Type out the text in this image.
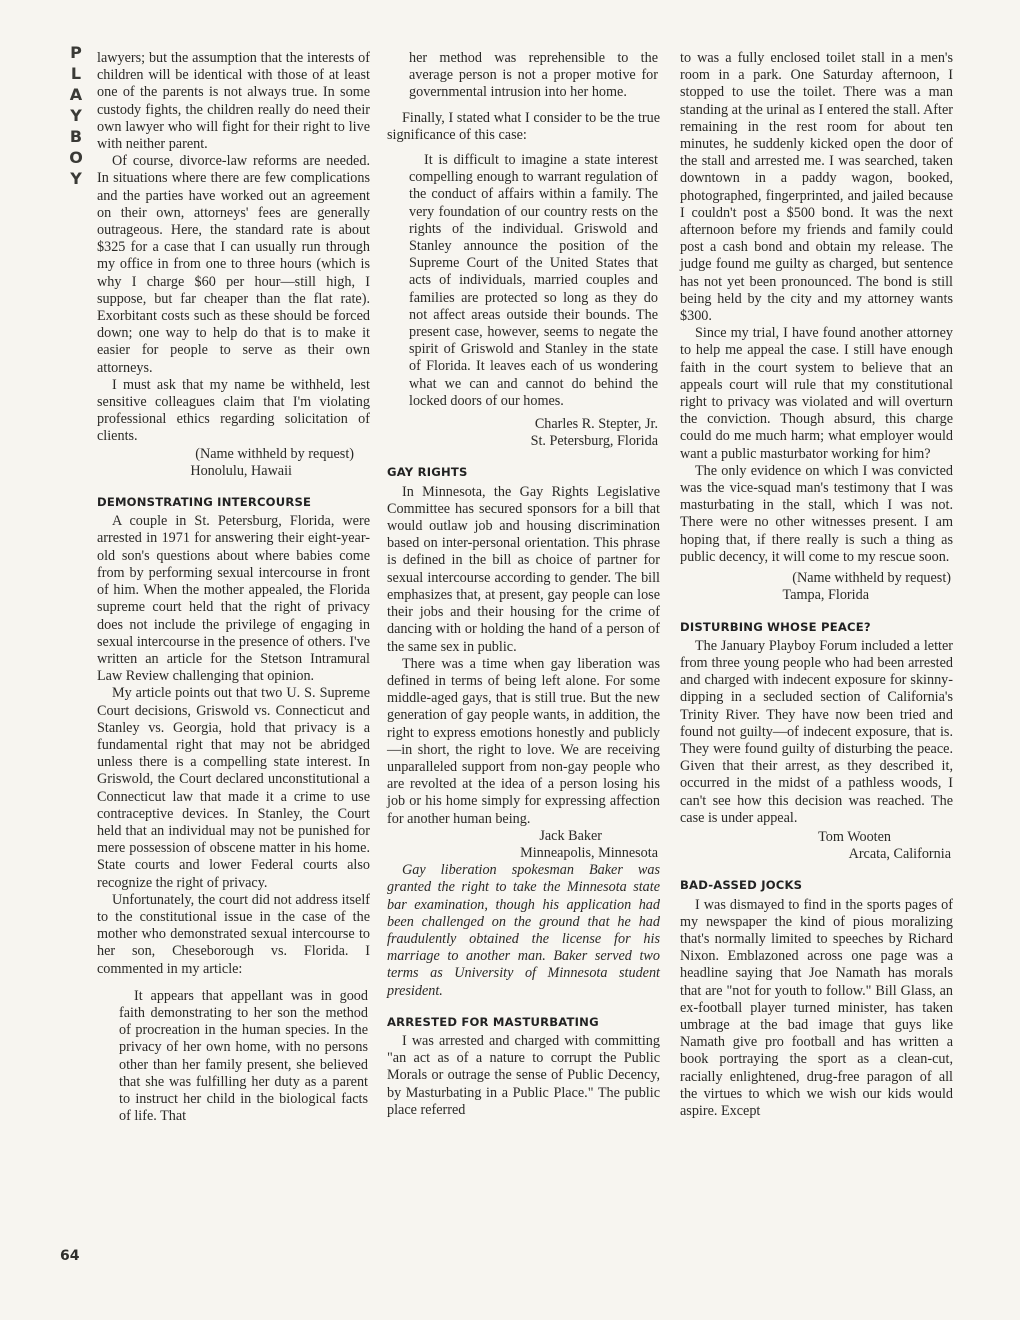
P
L
A
Y
B
O
Y
64

lawyers; but the assumption that the interests of children will be identical with those of at least one of the parents is not always true. In some custody fights, the children really do need their own lawyer who will fight for their right to live with neither parent.

Of course, divorce-law reforms are needed. In situations where there are few complications and the parties have worked out an agreement on their own, attorneys' fees are generally outrageous. Here, the standard rate is about $325 for a case that I can usually run through my office in from one to three hours (which is why I charge $60 per hour—still high, I suppose, but far cheaper than the flat rate). Exorbitant costs such as these should be forced down; one way to help do that is to make it easier for people to serve as their own attorneys.

I must ask that my name be withheld, lest sensitive colleagues claim that I'm violating professional ethics regarding solicitation of clients.

(Name withheld by request)
Honolulu, Hawaii
DEMONSTRATING INTERCOURSE

A couple in St. Petersburg, Florida, were arrested in 1971 for answering their eight-year-old son's questions about where babies come from by performing sexual intercourse in front of him. When the mother appealed, the Florida supreme court held that the right of privacy does not include the privilege of engaging in sexual intercourse in the presence of others. I've written an article for the Stetson Intramural Law Review challenging that opinion.

My article points out that two U. S. Supreme Court decisions, Griswold vs. Connecticut and Stanley vs. Georgia, hold that privacy is a fundamental right that may not be abridged unless there is a compelling state interest. In Griswold, the Court declared unconstitutional a Connecticut law that made it a crime to use contraceptive devices. In Stanley, the Court held that an individual may not be punished for mere possession of obscene matter in his home. State courts and lower Federal courts also recognize the right of privacy.

Unfortunately, the court did not address itself to the constitutional issue in the case of the mother who demonstrated sexual intercourse to her son, Cheseborough vs. Florida. I commented in my article:

It appears that appellant was in good faith demonstrating to her son the method of procreation in the human species. In the privacy of her own home, with no persons other than her family present, she believed that she was fulfilling her duty as a parent to instruct her child in the biological facts of life. That

her method was reprehensible to the average person is not a proper motive for governmental intrusion into her home.

Finally, I stated what I consider to be the true significance of this case:

It is difficult to imagine a state interest compelling enough to warrant regulation of the conduct of affairs within a family. The very foundation of our country rests on the rights of the individual. Griswold and Stanley announce the position of the Supreme Court of the United States that acts of individuals, married couples and families are protected so long as they do not affect areas outside their bounds. The present case, however, seems to negate the spirit of Griswold and Stanley in the state of Florida. It leaves each of us wondering what we can and cannot do behind the locked doors of our homes.

Charles R. Stepter, Jr.
St. Petersburg, Florida
GAY RIGHTS

In Minnesota, the Gay Rights Legislative Committee has secured sponsors for a bill that would outlaw job and housing discrimination based on inter-personal orientation. This phrase is defined in the bill as choice of partner for sexual intercourse according to gender. The bill emphasizes that, at present, gay people can lose their jobs and their housing for the crime of dancing with or holding the hand of a person of the same sex in public.

There was a time when gay liberation was defined in terms of being left alone. For some middle-aged gays, that is still true. But the new generation of gay people wants, in addition, the right to express emotions honestly and publicly —in short, the right to love. We are receiving unparalleled support from non-gay people who are revolted at the idea of a person losing his job or his home simply for expressing affection for another human being.

Jack Baker
Minneapolis, Minnesota

Gay liberation spokesman Baker was granted the right to take the Minnesota state bar examination, though his application had been challenged on the ground that he had fraudulently obtained the license for his marriage to another man. Baker served two terms as University of Minnesota student president.

ARRESTED FOR MASTURBATING

I was arrested and charged with committing "an act as of a nature to corrupt the Public Morals or outrage the sense of Public Decency, by Masturbating in a Public Place." The public place referred

to was a fully enclosed toilet stall in a men's room in a park. One Saturday afternoon, I stopped to use the toilet. There was a man standing at the urinal as I entered the stall. After remaining in the rest room for about ten minutes, he suddenly kicked open the door of the stall and arrested me. I was searched, taken downtown in a paddy wagon, booked, photographed, fingerprinted, and jailed because I couldn't post a $500 bond. It was the next afternoon before my friends and family could post a cash bond and obtain my release. The judge found me guilty as charged, but sentence has not yet been pronounced. The bond is still being held by the city and my attorney wants $300.

Since my trial, I have found another attorney to help me appeal the case. I still have enough faith in the court system to believe that an appeals court will rule that my constitutional right to privacy was violated and will overturn the conviction. Though absurd, this charge could do me much harm; what employer would want a public masturbator working for him?

The only evidence on which I was convicted was the vice-squad man's testimony that I was masturbating in the stall, which I was not. There were no other witnesses present. I am hoping that, if there really is such a thing as public decency, it will come to my rescue soon.

(Name withheld by request)
Tampa, Florida
DISTURBING WHOSE PEACE?

The January Playboy Forum included a letter from three young people who had been arrested and charged with indecent exposure for skinny-dipping in a secluded section of California's Trinity River. They have now been tried and found not guilty—of indecent exposure, that is. They were found guilty of disturbing the peace. Given that their arrest, as they described it, occurred in the midst of a pathless woods, I can't see how this decision was reached. The case is under appeal.

Tom Wooten
Arcata, California
BAD-ASSED JOCKS

I was dismayed to find in the sports pages of my newspaper the kind of pious moralizing that's normally limited to speeches by Richard Nixon. Emblazoned across one page was a headline saying that Joe Namath has morals that are "not for youth to follow." Bill Glass, an ex-football player turned minister, has taken umbrage at the bad image that guys like Namath give pro football and has written a book portraying the sport as a clean-cut, racially enlightened, drug-free paragon of all the virtues to which we wish our kids would aspire. Except
